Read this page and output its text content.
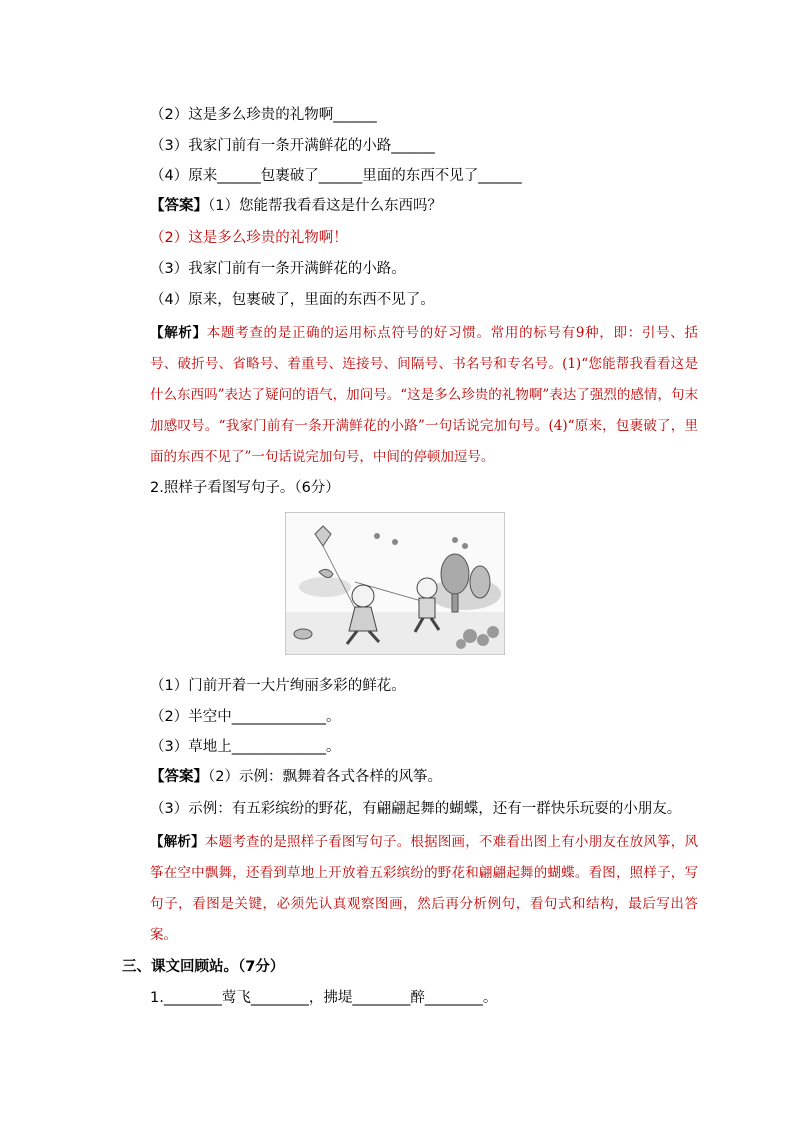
（2）这是多么珍贵的礼物啊______
（3）我家门前有一条开满鲜花的小路______
（4）原来______包裹破了______里面的东西不见了______
【答案】（1）您能帮我看看这是什么东西吗？
（2）这是多么珍贵的礼物啊！
（3）我家门前有一条开满鲜花的小路。
（4）原来，包裹破了，里面的东西不见了。
【解析】本题考查的是正确的运用标点符号的好习惯。常用的标号有9种，即：引号、括号、破折号、省略号、着重号、连接号、间隔号、书名号和专名号。(1)“您能帮我看看这是什么东西吗”表达了疑问的语气，加问号。“这是多么珍贵的礼物啊”表达了强烈的感情，句末加感叹号。“我家门前有一条开满鲜花的小路”一句话说完加句号。(4)“原来，包裹破了，里面的东西不见了”一句话说完加句号，中间的停顿加逗号。
2.照样子看图写句子。（6分）
（1）门前开着一大片绚丽多彩的鲜花。
（2）半空中_____________。
（3）草地上_____________。
【答案】（2）示例：飘舞着各式各样的风筝。
（3）示例：有五彩缤纷的野花，有翩翩起舞的蝴蝶，还有一群快乐玩耍的小朋友。
【解析】本题考查的是照样子看图写句子。根据图画，不难看出图上有小朋友在放风筝，风筝在空中飘舞，还看到草地上开放着五彩缤纷的野花和翩翩起舞的蝴蝶。看图，照样子，写句子，看图是关键，必须先认真观察图画，然后再分析例句，看句式和结构，最后写出答案。
三、课文回顾站。（7分）
1.________莺飞________，拂堤________醉________。
